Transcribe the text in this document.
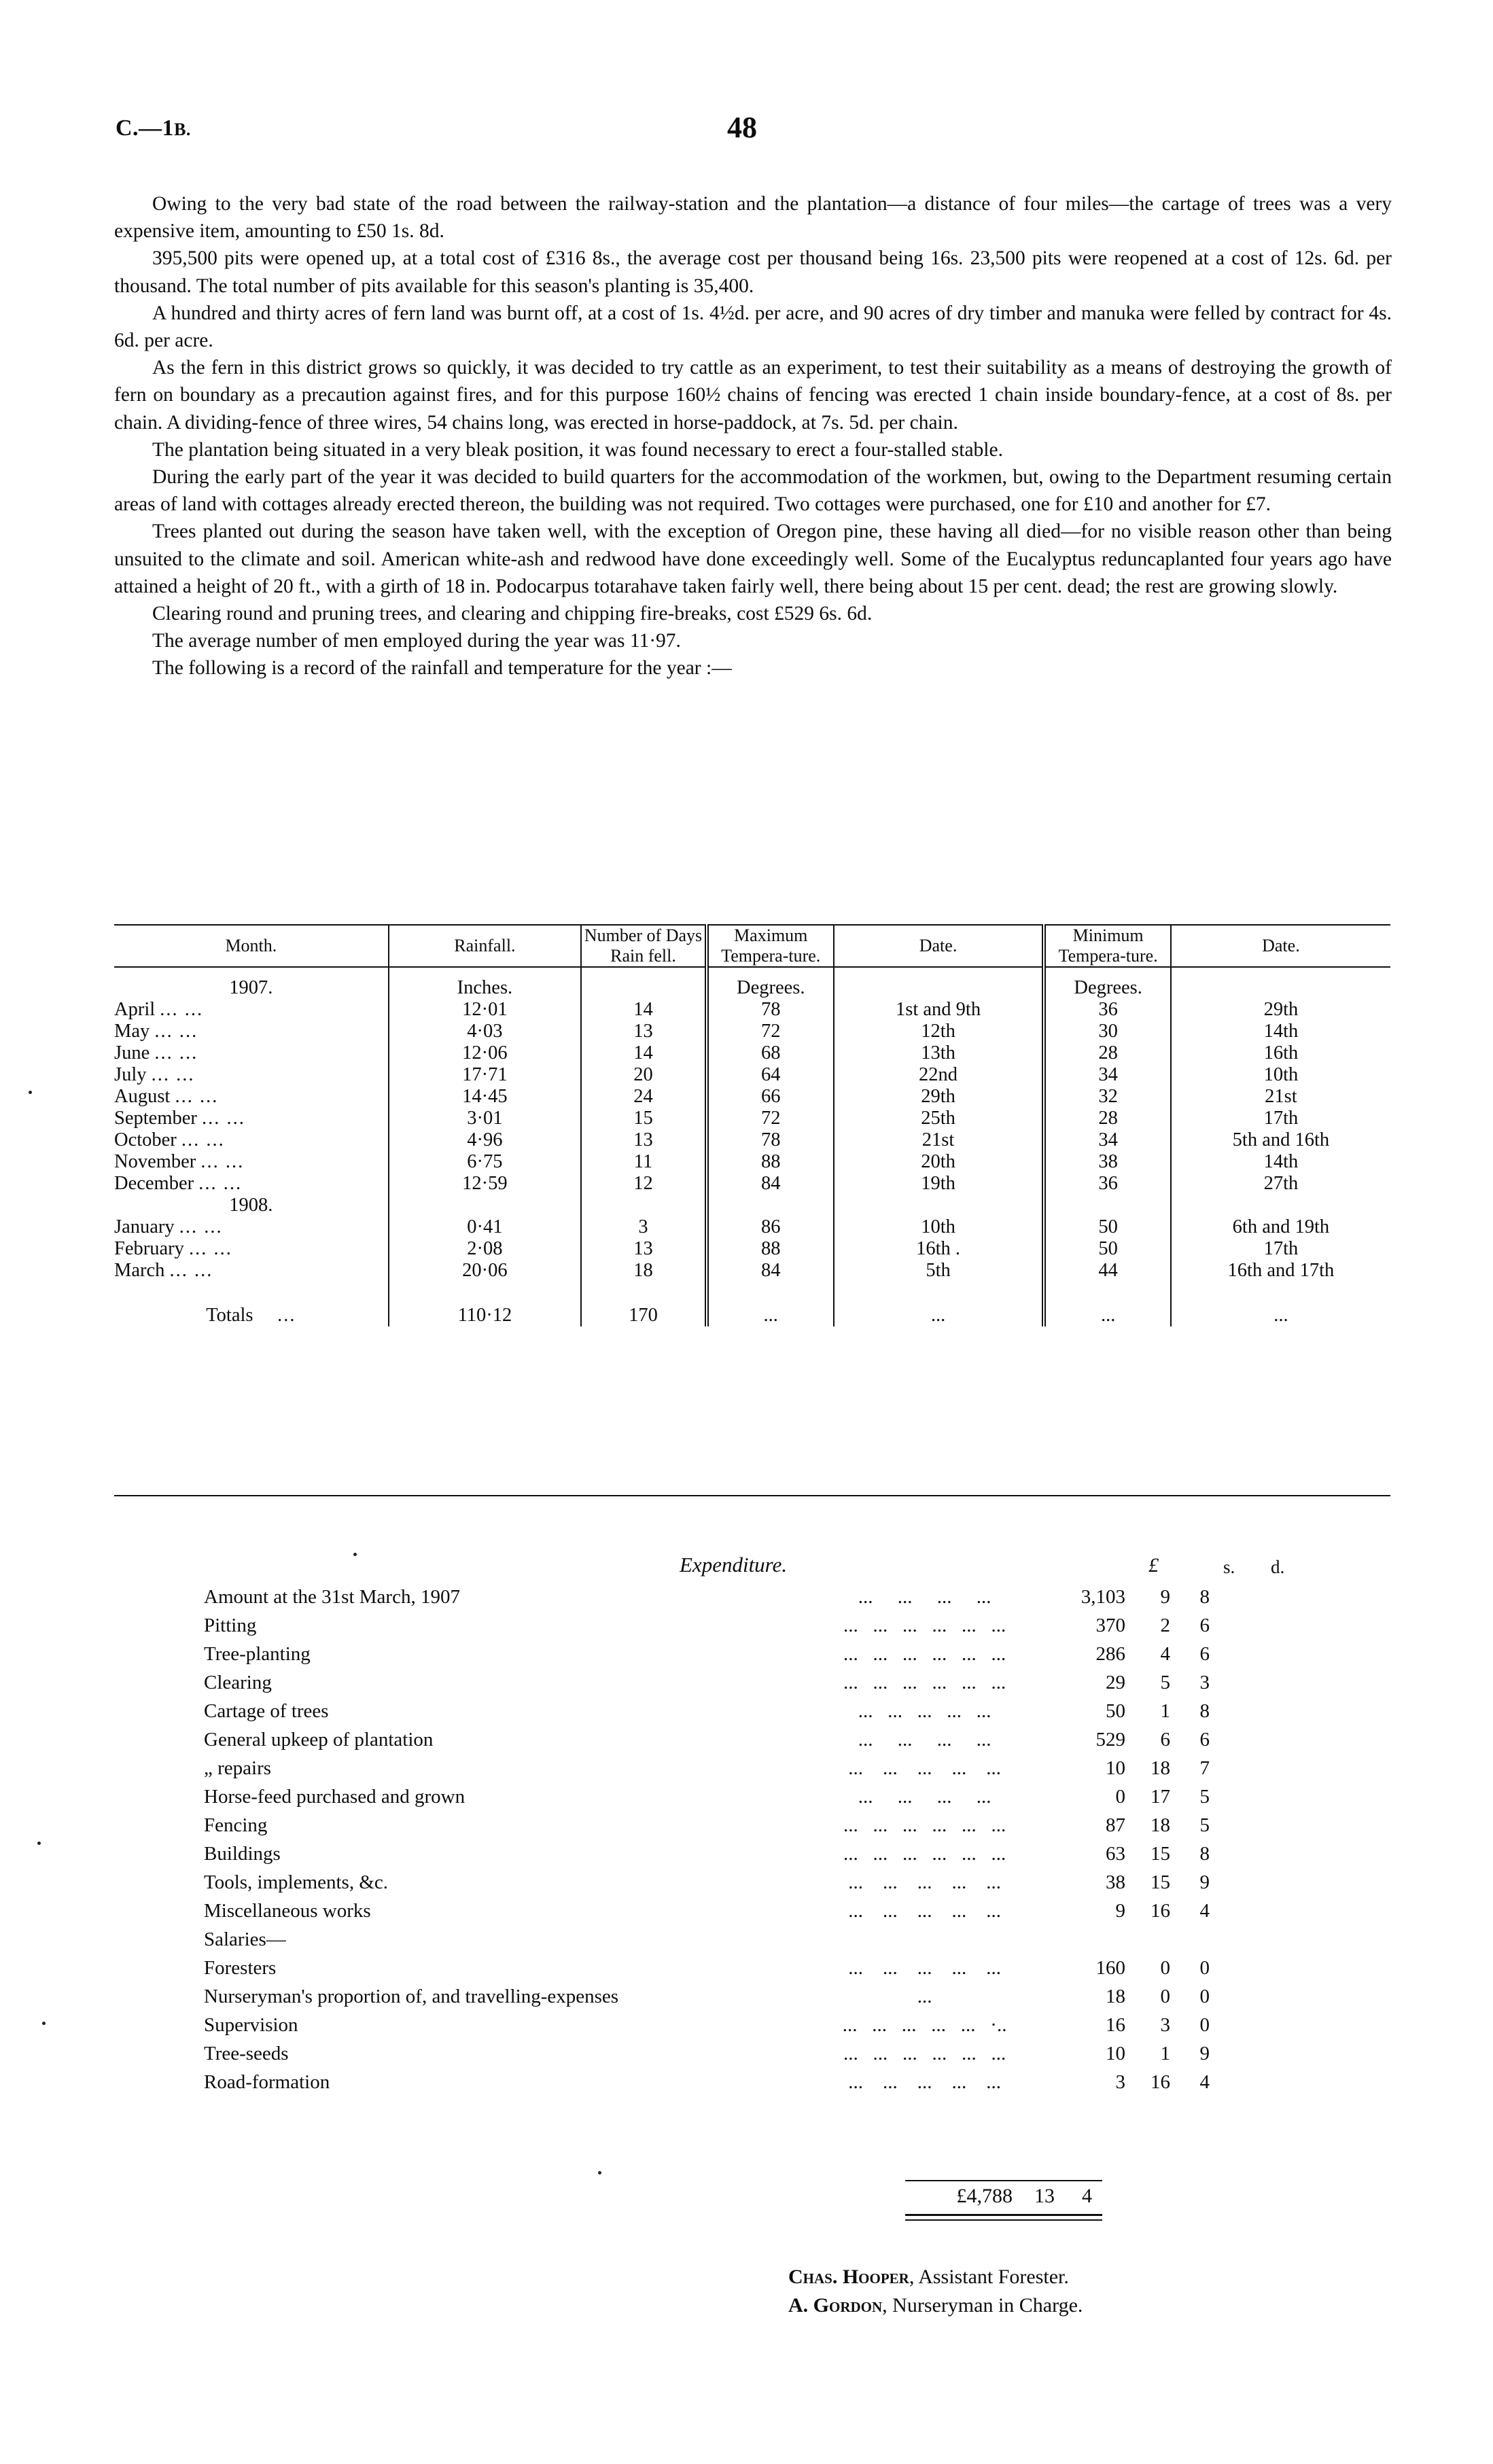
C.—1B.	48

Owing to the very bad state of the road between the railway-station and the plantation—a distance of four miles—the cartage of trees was a very expensive item, amounting to £50 1s. 8d.

395,500 pits were opened up, at a total cost of £316 8s., the average cost per thousand being 16s. 23,500 pits were reopened at a cost of 12s. 6d. per thousand. The total number of pits available for this season's planting is 35,400.

A hundred and thirty acres of fern land was burnt off, at a cost of 1s. 4½d. per acre, and 90 acres of dry timber and manuka were felled by contract for 4s. 6d. per acre.

As the fern in this district grows so quickly, it was decided to try cattle as an experiment, to test their suitability as a means of destroying the growth of fern on boundary as a precaution against fires, and for this purpose 160½ chains of fencing was erected 1 chain inside boundary-fence, at a cost of 8s. per chain. A dividing-fence of three wires, 54 chains long, was erected in horse-paddock, at 7s. 5d. per chain.

The plantation being situated in a very bleak position, it was found necessary to erect a four-stalled stable.

During the early part of the year it was decided to build quarters for the accommodation of the workmen, but, owing to the Department resuming certain areas of land with cottages already erected thereon, the building was not required. Two cottages were purchased, one for £10 and another for £7.

Trees planted out during the season have taken well, with the exception of Oregon pine, these having all died—for no visible reason other than being unsuited to the climate and soil. American white-ash and redwood have done exceedingly well. Some of the Eucalyptus reduncaplanted four years ago have attained a height of 20 ft., with a girth of 18 in. Podocarpus totarahave taken fairly well, there being about 15 per cent. dead; the rest are growing slowly.

Clearing round and pruning trees, and clearing and chipping fire-breaks, cost £529 6s. 6d.

The average number of men employed during the year was 11·97.

The following is a record of the rainfall and temperature for the year :—

Month.	Rainfall.	Number of Days Rain fell.	Maximum Tempera-ture.	Date.	Minimum Tempera-ture.	Date.
1907.	Inches.		Degrees.		Degrees.	
April ... ...	12·01	14	78	1st and 9th	36	29th
May ... ...	4·03	13	72	12th	30	14th
June ... ...	12·06	14	68	13th	28	16th
July ... ...	17·71	20	64	22nd	34	10th
August ... ...	14·45	24	66	29th	32	21st
September ... ...	3·01	15	72	25th	28	17th
October ... ...	4·96	13	78	21st	34	5th and 16th
November ... ...	6·75	11	88	20th	38	14th
December ... ...	12·59	12	84	19th	36	27th
1908.						
January ... ...	0·41	3	86	10th	50	6th and 19th
February ... ...	2·08	13	88	16th .	50	17th
March ... ...	20·06	18	84	5th	44	16th and 17th
Totals ...	110·12	170	...	...	...	...
Expenditure.	£	s. d.
Amount at the 31st March, 1907	...     ...     ...     ...	3,103	9	8
Pitting	...   ...   ...   ...   ...   ...	370	2	6
Tree-planting	...   ...   ...   ...   ...   ...	286	4	6
Clearing	...   ...   ...   ...   ...   ...	29	5	3
Cartage of trees	...   ...   ...   ...   ...	50	1	8
General upkeep of plantation	...     ...     ...     ...	529	6	6
„ repairs	...    ...    ...    ...    ...	10	18	7
Horse-feed purchased and grown	...     ...     ...     ...	0	17	5
Fencing	...   ...   ...   ...   ...   ...	87	18	5
Buildings	...   ...   ...   ...   ...   ...	63	15	8
Tools, implements, &c.	...    ...    ...    ...    ...	38	15	9
Miscellaneous works	...    ...    ...    ...    ...	9	16	4
Salaries—				
Foresters	...    ...    ...    ...    ...	160	0	0
Nurseryman's proportion of, and travelling-expenses	...	18	0	0
Supervision	...   ...   ...   ...   ...   ·..	16	3	0
Tree-seeds	...   ...   ...   ...   ...   ...	10	1	9
Road-formation	...    ...    ...    ...    ...	3	16	4
£4,788 13 4
Chas. Hooper, Assistant Forester.
A. Gordon, Nurseryman in Charge.
